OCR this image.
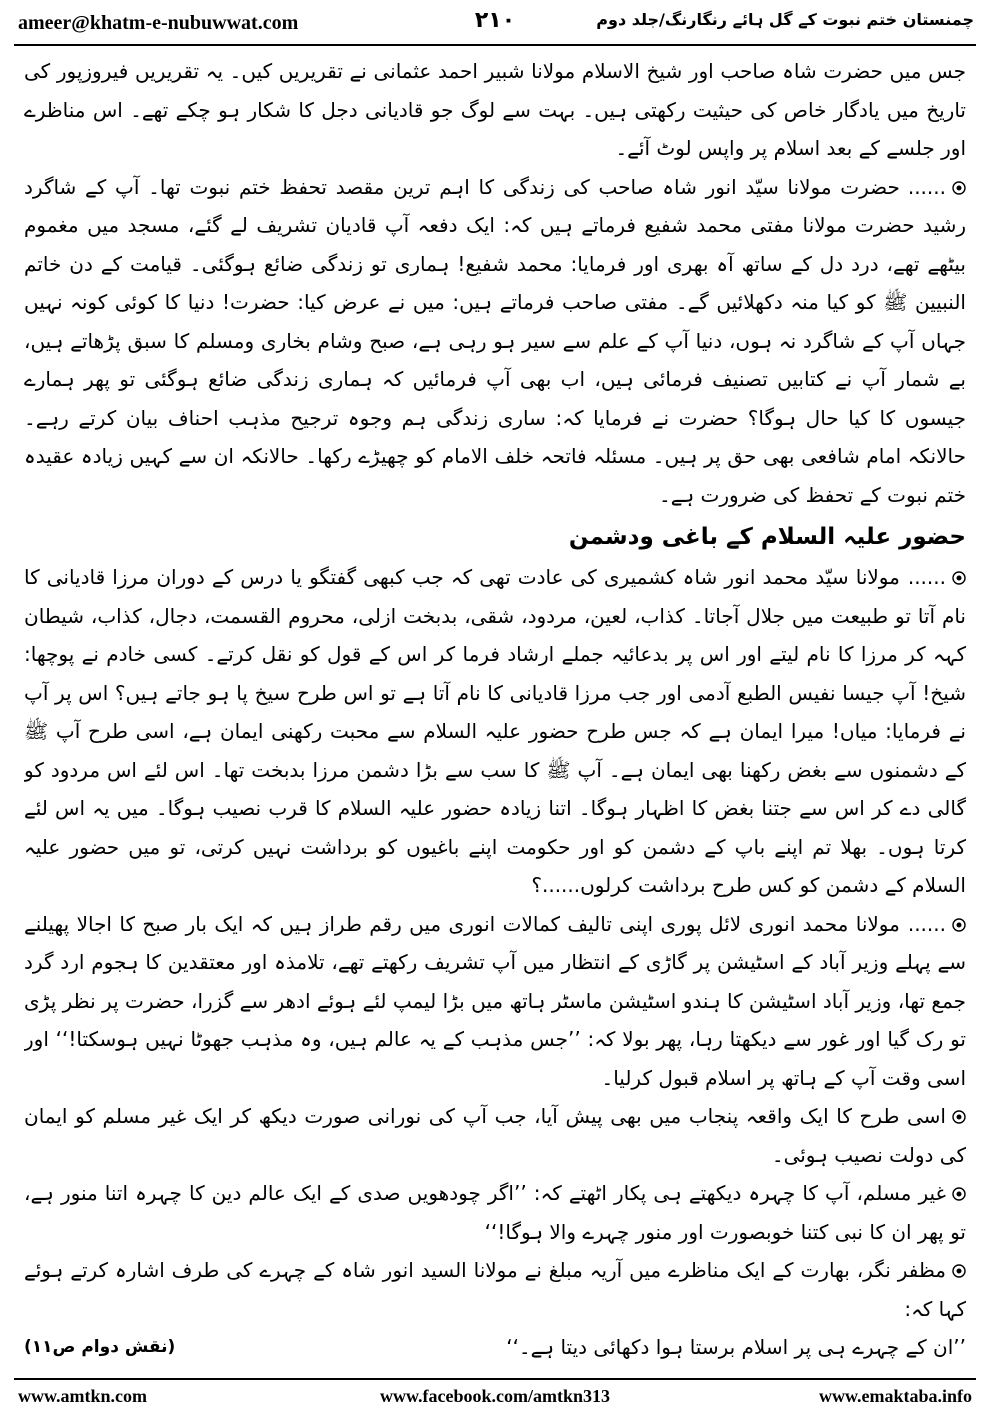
ameer@khatm-e-nubuwwat.com	۲۱۰	چمنستان ختم نبوت کے گل ہائے رنگارنگ/جلد دوم

جس میں حضرت شاہ صاحب اور شیخ الاسلام مولانا شبیر احمد عثمانی نے تقریریں کیں۔ یہ تقریریں فیروزپور کی تاریخ میں یادگار خاص کی حیثیت رکھتی ہیں۔ بہت سے لوگ جو قادیانی دجل کا شکار ہو چکے تھے۔ اس مناظرے اور جلسے کے بعد اسلام پر واپس لوٹ آئے۔

......حضرت مولانا سیّد انور شاہ صاحب کی زندگی کا اہم ترین مقصد تحفظ ختم نبوت تھا۔ آپ کے شاگرد رشید حضرت مولانا مفتی محمد شفیع فرماتے ہیں کہ: ایک دفعہ آپ قادیان تشریف لے گئے، مسجد میں مغموم بیٹھے تھے، درد دل کے ساتھ آہ بھری اور فرمایا: محمد شفیع! ہماری تو زندگی ضائع ہوگئی۔ قیامت کے دن خاتم النبیین ﷺ کو کیا منہ دکھلائیں گے۔ مفتی صاحب فرماتے ہیں: میں نے عرض کیا: حضرت! دنیا کا کوئی کونہ نہیں جہاں آپ کے شاگرد نہ ہوں، دنیا آپ کے علم سے سیر ہو رہی ہے، صبح وشام بخاری ومسلم کا سبق پڑھاتے ہیں، بے شمار آپ نے کتابیں تصنیف فرمائی ہیں، اب بھی آپ فرمائیں کہ ہماری زندگی ضائع ہوگئی تو پھر ہمارے جیسوں کا کیا حال ہوگا؟ حضرت نے فرمایا کہ: ساری زندگی ہم وجوہ ترجیح مذہب احناف بیان کرتے رہے۔ حالانکہ امام شافعی بھی حق پر ہیں۔ مسئلہ فاتحہ خلف الامام کو چھیڑے رکھا۔ حالانکہ ان سے کہیں زیادہ عقیدہ ختم نبوت کے تحفظ کی ضرورت ہے۔

حضور علیہ السلام کے باغی ودشمن

......مولانا سیّد محمد انور شاہ کشمیری کی عادت تھی کہ جب کبھی گفتگو یا درس کے دوران مرزا قادیانی کا نام آتا تو طبیعت میں جلال آجاتا۔ کذاب، لعین، مردود، شقی، بدبخت ازلی، محروم القسمت، دجال، کذاب، شیطان کہہ کر مرزا کا نام لیتے اور اس پر بدعائیہ جملے ارشاد فرما کر اس کے قول کو نقل کرتے۔ کسی خادم نے پوچھا: شیخ! آپ جیسا نفیس الطبع آدمی اور جب مرزا قادیانی کا نام آتا ہے تو اس طرح سیخ پا ہو جاتے ہیں؟ اس پر آپ نے فرمایا: میاں! میرا ایمان ہے کہ جس طرح حضور علیہ السلام سے محبت رکھنی ایمان ہے، اسی طرح آپ ﷺ کے دشمنوں سے بغض رکھنا بھی ایمان ہے۔ آپ ﷺ کا سب سے بڑا دشمن مرزا بدبخت تھا۔ اس لئے اس مردود کو گالی دے کر اس سے جتنا بغض کا اظہار ہوگا۔ اتنا زیادہ حضور علیہ السلام کا قرب نصیب ہوگا۔ میں یہ اس لئے کرتا ہوں۔ بھلا تم اپنے باپ کے دشمن کو اور حکومت اپنے باغیوں کو برداشت نہیں کرتی، تو میں حضور علیہ السلام کے دشمن کو کس طرح برداشت کرلوں......؟

......مولانا محمد انوری لائل پوری اپنی تالیف کمالات انوری میں رقم طراز ہیں کہ ایک بار صبح کا اجالا پھیلنے سے پہلے وزیر آباد کے اسٹیشن پر گاڑی کے انتظار میں آپ تشریف رکھتے تھے، تلامذہ اور معتقدین کا ہجوم ارد گرد جمع تھا، وزیر آباد اسٹیشن کا ہندو اسٹیشن ماسٹر ہاتھ میں بڑا لیمپ لئے ہوئے ادھر سے گزرا، حضرت پر نظر پڑی تو رک گیا اور غور سے دیکھتا رہا، پھر بولا کہ: ’’جس مذہب کے یہ عالم ہیں، وہ مذہب جھوٹا نہیں ہوسکتا!‘‘ اور اسی وقت آپ کے ہاتھ پر اسلام قبول کرلیا۔

اسی طرح کا ایک واقعہ پنجاب میں بھی پیش آیا، جب آپ کی نورانی صورت دیکھ کر ایک غیر مسلم کو ایمان کی دولت نصیب ہوئی۔

غیر مسلم، آپ کا چہرہ دیکھتے ہی پکار اٹھتے کہ: ’’اگر چودھویں صدی کے ایک عالم دین کا چہرہ اتنا منور ہے، تو پھر ان کا نبی کتنا خوبصورت اور منور چہرے والا ہوگا!‘‘

مظفر نگر، بھارت کے ایک مناظرے میں آریہ مبلغ نے مولانا السید انور شاہ کے چہرے کی طرف اشارہ کرتے ہوئے کہا کہ:

’’ان کے چہرے ہی پر اسلام برستا ہوا دکھائی دیتا ہے۔‘‘
(نقش دوام ص۱۱)

www.amtkn.com	www.facebook.com/amtkn313	www.emaktaba.info
